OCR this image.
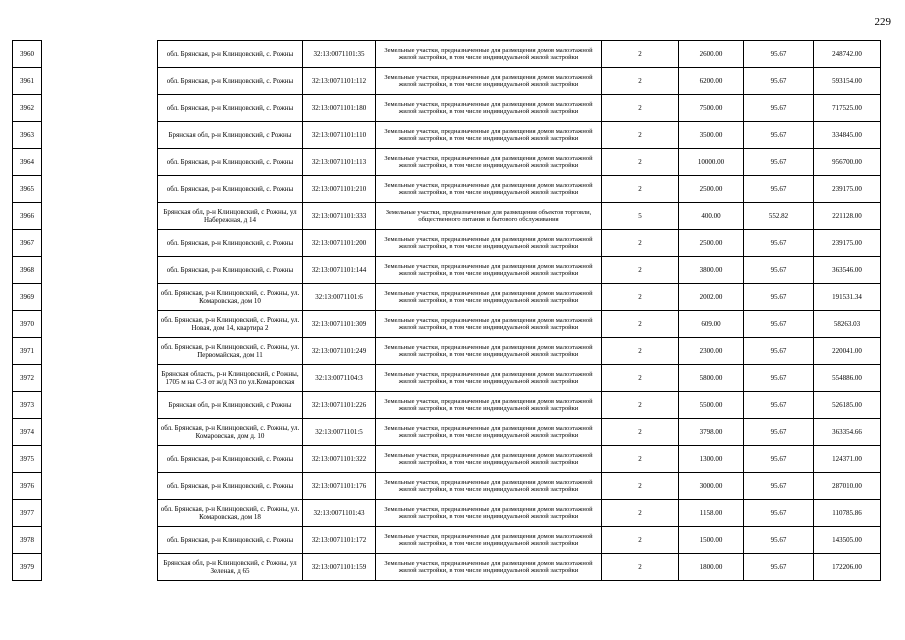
229
3960		обл. Брянская, р-н Клинцовский, с. Рожны	32:13:0071101:35	Земельные участки, предназначенные для размещения домов малоэтажной жилой застройки, в том числе индивидуальной жилой застройки	2	2600.00	95.67	248742.00
3961		обл. Брянская, р-н Клинцовский, с. Рожны	32:13:0071101:112	Земельные участки, предназначенные для размещения домов малоэтажной жилой застройки, в том числе индивидуальной жилой застройки	2	6200.00	95.67	593154.00
3962		обл. Брянская, р-н Клинцовский, с. Рожны	32:13:0071101:180	Земельные участки, предназначенные для размещения домов малоэтажной жилой застройки, в том числе индивидуальной жилой застройки	2	7500.00	95.67	717525.00
3963		Брянская обл, р-н Клинцовский, с Рожны	32:13:0071101:110	Земельные участки, предназначенные для размещения домов малоэтажной жилой застройки, в том числе индивидуальной жилой застройки	2	3500.00	95.67	334845.00
3964		обл. Брянская, р-н Клинцовский, с. Рожны	32:13:0071101:113	Земельные участки, предназначенные для размещения домов малоэтажной жилой застройки, в том числе индивидуальной жилой застройки	2	10000.00	95.67	956700.00
3965		обл. Брянская, р-н Клинцовский, с. Рожны	32:13:0071101:210	Земельные участки, предназначенные для размещения домов малоэтажной жилой застройки, в том числе индивидуальной жилой застройки	2	2500.00	95.67	239175.00
3966		Брянская обл, р-н Клинцовский, с Рожны, ул Набережная, д 14	32:13:0071101:333	Земельные участки, предназначенные для размещения объектов торговли, общественного питания и бытового обслуживания	5	400.00	552.82	221128.00
3967		обл. Брянская, р-н Клинцовский, с. Рожны	32:13:0071101:200	Земельные участки, предназначенные для размещения домов малоэтажной жилой застройки, в том числе индивидуальной жилой застройки	2	2500.00	95.67	239175.00
3968		обл. Брянская, р-н Клинцовский, с. Рожны	32:13:0071101:144	Земельные участки, предназначенные для размещения домов малоэтажной жилой застройки, в том числе индивидуальной жилой застройки	2	3800.00	95.67	363546.00
3969		обл. Брянская, р-н Клинцовский, с. Рожны, ул. Комаровская, дом 10	32:13:0071101:6	Земельные участки, предназначенные для размещения домов малоэтажной жилой застройки, в том числе индивидуальной жилой застройки	2	2002.00	95.67	191531.34
3970		обл. Брянская, р-н Клинцовский, с. Рожны, ул. Новая, дом 14, квартира 2	32:13:0071101:309	Земельные участки, предназначенные для размещения домов малоэтажной жилой застройки, в том числе индивидуальной жилой застройки	2	609.00	95.67	58263.03
3971		обл. Брянская, р-н Клинцовский, с. Рожны, ул. Первомайская, дом 11	32:13:0071101:249	Земельные участки, предназначенные для размещения домов малоэтажной жилой застройки, в том числе индивидуальной жилой застройки	2	2300.00	95.67	220041.00
3972		Брянская область, р-н Клинцовский, с Рожны, 1705 м на С-З от ж/д N3 по ул.Комаровская	32:13:0071104:3	Земельные участки, предназначенные для размещения домов малоэтажной жилой застройки, в том числе индивидуальной жилой застройки	2	5800.00	95.67	554886.00
3973		Брянская обл, р-н Клинцовский, с Рожны	32:13:0071101:226	Земельные участки, предназначенные для размещения домов малоэтажной жилой застройки, в том числе индивидуальной жилой застройки	2	5500.00	95.67	526185.00
3974		обл. Брянская, р-н Клинцовский, с. Рожны, ул. Комаровская, дом д. 10	32:13:0071101:5	Земельные участки, предназначенные для размещения домов малоэтажной жилой застройки, в том числе индивидуальной жилой застройки	2	3798.00	95.67	363354.66
3975		обл. Брянская, р-н Клинцовский, с. Рожны	32:13:0071101:322	Земельные участки, предназначенные для размещения домов малоэтажной жилой застройки, в том числе индивидуальной жилой застройки	2	1300.00	95.67	124371.00
3976		обл. Брянская, р-н Клинцовский, с. Рожны	32:13:0071101:176	Земельные участки, предназначенные для размещения домов малоэтажной жилой застройки, в том числе индивидуальной жилой застройки	2	3000.00	95.67	287010.00
3977		обл. Брянская, р-н Клинцовский, с. Рожны, ул. Комаровская, дом 18	32:13:0071101:43	Земельные участки, предназначенные для размещения домов малоэтажной жилой застройки, в том числе индивидуальной жилой застройки	2	1158.00	95.67	110785.86
3978		обл. Брянская, р-н Клинцовский, с. Рожны	32:13:0071101:172	Земельные участки, предназначенные для размещения домов малоэтажной жилой застройки, в том числе индивидуальной жилой застройки	2	1500.00	95.67	143505.00
3979		Брянская обл, р-н Клинцовский, с Рожны, ул Зеленая, д 65	32:13:0071101:159	Земельные участки, предназначенные для размещения домов малоэтажной жилой застройки, в том числе индивидуальной жилой застройки	2	1800.00	95.67	172206.00
